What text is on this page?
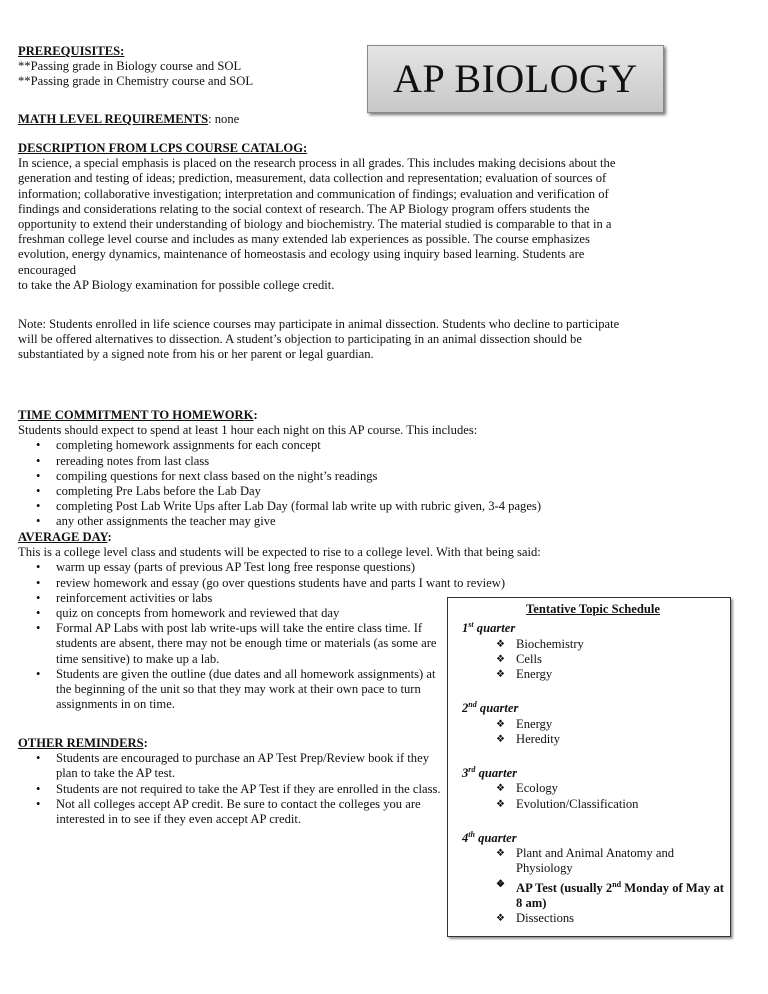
PREREQUISITES:
**Passing grade in Biology course and SOL
**Passing grade in Chemistry course and SOL	AP BIOLOGY
MATH LEVEL REQUIREMENTS: none
DESCRIPTION FROM LCPS COURSE CATALOG:
In science, a special emphasis is placed on the research process in all grades. This includes making decisions about the
generation and testing of ideas; prediction, measurement, data collection and representation; evaluation of sources of
information; collaborative investigation; interpretation and communication of findings; evaluation and verification of
findings and considerations relating to the social context of research. The AP Biology program offers students the
opportunity to extend their understanding of biology and biochemistry. The material studied is comparable to that in a
freshman college level course and includes as many extended lab experiences as possible. The course emphasizes
evolution, energy dynamics, maintenance of homeostasis and ecology using inquiry based learning. Students are
encouraged
to take the AP Biology examination for possible college credit.
Note: Students enrolled in life science courses may participate in animal dissection. Students who decline to participate
will be offered alternatives to dissection. A student’s objection to participating in an animal dissection should be
substantiated by a signed note from his or her parent or legal guardian.
TIME COMMITMENT TO HOMEWORK:
Students should expect to spend at least 1 hour each night on this AP course. This includes:
• completing homework assignments for each concept
• rereading notes from last class
• compiling questions for next class based on the night’s readings
• completing Pre Labs before the Lab Day
• completing Post Lab Write Ups after Lab Day (formal lab write up with rubric given, 3-4 pages)
• any other assignments the teacher may give
AVERAGE DAY:
This is a college level class and students will be expected to rise to a college level. With that being said:
• warm up essay (parts of previous AP Test long free response questions)
• review homework and essay (go over questions students have and parts I want to review)
• reinforcement activities or labs
• quiz on concepts from homework and reviewed that day
• Formal AP Labs with post lab write-ups will take the entire class time. If students are absent, there may not be enough time or materials (as some are time sensitive) to make up a lab.
• Students are given the outline (due dates and all homework assignments) at the beginning of the unit so that they may work at their own pace to turn assignments in on time.
OTHER REMINDERS:
• Students are encouraged to purchase an AP Test Prep/Review book if they plan to take the AP test.
• Students are not required to take the AP Test if they are enrolled in the class.
• Not all colleges accept AP credit. Be sure to contact the colleges you are interested in to see if they even accept AP credit.
Tentative Topic Schedule
1st quarter
❖ Biochemistry
❖ Cells
❖ Energy
2nd quarter
❖ Energy
❖ Heredity
3rd quarter
❖ Ecology
❖ Evolution/Classification
4th quarter
❖ Plant and Animal Anatomy and Physiology
❖ AP Test (usually 2nd Monday of May at 8 am)
❖ Dissections
